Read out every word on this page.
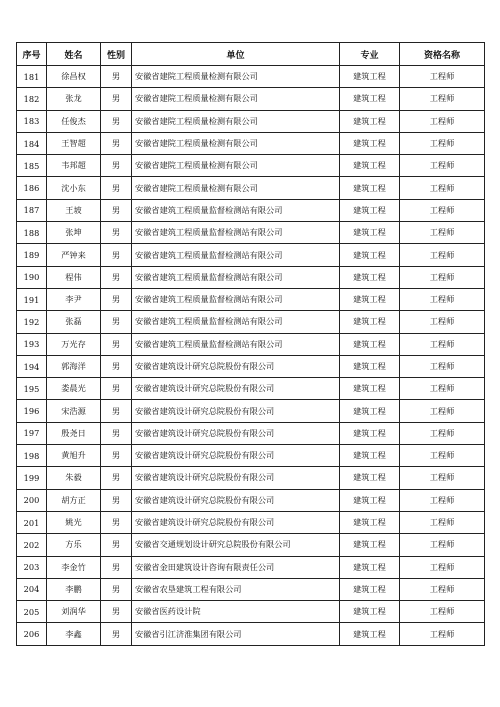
序号	姓名	性别	单位	专业	资格名称
181	徐昌权	男	安徽省建院工程质量检测有限公司	建筑工程	工程师
182	张龙	男	安徽省建院工程质量检测有限公司	建筑工程	工程师
183	任俊杰	男	安徽省建院工程质量检测有限公司	建筑工程	工程师
184	王智超	男	安徽省建院工程质量检测有限公司	建筑工程	工程师
185	韦邦超	男	安徽省建院工程质量检测有限公司	建筑工程	工程师
186	沈小东	男	安徽省建院工程质量检测有限公司	建筑工程	工程师
187	王坡	男	安徽省建筑工程质量监督检测站有限公司	建筑工程	工程师
188	张坤	男	安徽省建筑工程质量监督检测站有限公司	建筑工程	工程师
189	严钟来	男	安徽省建筑工程质量监督检测站有限公司	建筑工程	工程师
190	程伟	男	安徽省建筑工程质量监督检测站有限公司	建筑工程	工程师
191	李尹	男	安徽省建筑工程质量监督检测站有限公司	建筑工程	工程师
192	张磊	男	安徽省建筑工程质量监督检测站有限公司	建筑工程	工程师
193	万光存	男	安徽省建筑工程质量监督检测站有限公司	建筑工程	工程师
194	郭海洋	男	安徽省建筑设计研究总院股份有限公司	建筑工程	工程师
195	娄晨光	男	安徽省建筑设计研究总院股份有限公司	建筑工程	工程师
196	宋浩源	男	安徽省建筑设计研究总院股份有限公司	建筑工程	工程师
197	殷尧日	男	安徽省建筑设计研究总院股份有限公司	建筑工程	工程师
198	黄旭升	男	安徽省建筑设计研究总院股份有限公司	建筑工程	工程师
199	朱毅	男	安徽省建筑设计研究总院股份有限公司	建筑工程	工程师
200	胡方正	男	安徽省建筑设计研究总院股份有限公司	建筑工程	工程师
201	姚光	男	安徽省建筑设计研究总院股份有限公司	建筑工程	工程师
202	方乐	男	安徽省交通规划设计研究总院股份有限公司	建筑工程	工程师
203	李金竹	男	安徽省金田建筑设计咨询有限责任公司	建筑工程	工程师
204	李鹏	男	安徽省农垦建筑工程有限公司	建筑工程	工程师
205	刘润华	男	安徽省医药设计院	建筑工程	工程师
206	李鑫	男	安徽省引江济淮集团有限公司	建筑工程	工程师
